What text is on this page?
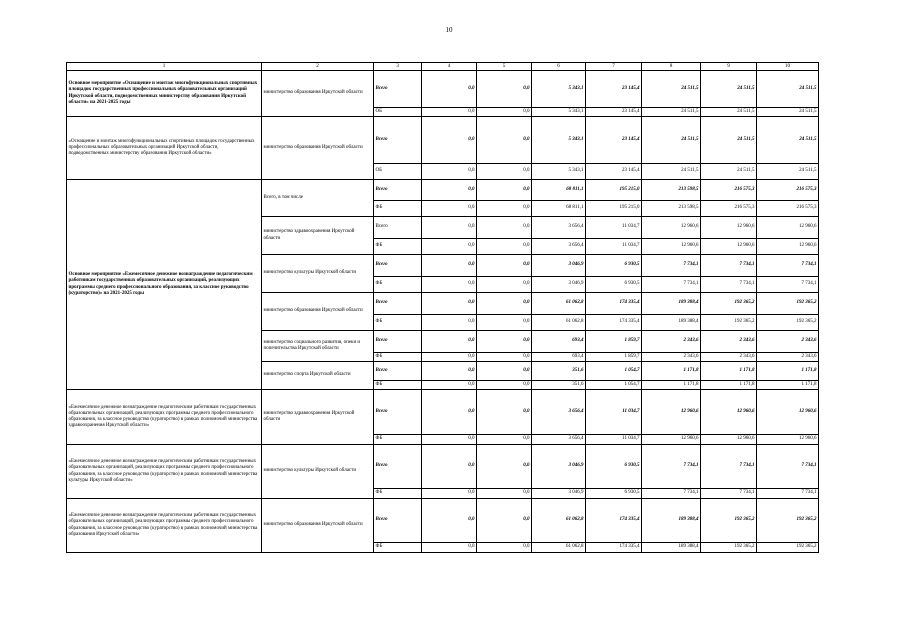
10
1	2	3	4	5	6	7	8	9	10
Основное мероприятие «Оснащение и монтаж многофункциональных спортивных площадок государственных профессиональных образовательных организаций Иркутской области, подведомственных министерству образования Иркутской области» на 2021-2025 годы	министерство образования Иркутской области	Всего	0,0	0,0	5 343,1	23 145,4	24 511,5	24 511,5	24 511,5
		ОБ	0,0	0,0	5 343,1	23 145,4	24 511,5	24 511,5	24 511,5
«Оснащение и монтаж многофункциональных спортивных площадок государственных профессиональных образовательных организаций Иркутской области, подведомственных министерству образования Иркутской области»	министерство образования Иркутской области	Всего	0,0	0,0	5 343,1	23 145,4	24 511,5	24 511,5	24 511,5
		ОБ	0,0	0,0	5 343,1	23 145,4	24 511,5	24 511,5	24 511,5
Основное мероприятие «Ежемесячное денежное вознаграждение педагогическим работникам государственных образовательных организаций, реализующих программы среднего профессионального образования, за классное руководство (кураторство)» на 2021-2025 годы	Всего, в том числе	Всего	0,0	0,0	68 811,1	195 215,0	213 598,5	216 575,3	216 575,3
		ФБ	0,0	0,0	68 811,1	195 215,0	213 598,5	216 575,3	216 575,3
	министерство здравоохранения Иркутской области	Всего	0,0	0,0	3 656,4	11 034,7	12 960,6	12 960,6	12 960,6
		ФБ	0,0	0,0	3 656,4	11 034,7	12 960,6	12 960,6	12 960,6
	министерство культуры Иркутской области	Всего	0,0	0,0	3 046,9	6 930,5	7 734,1	7 734,1	7 734,1
		ФБ	0,0	0,0	3 046,9	6 930,5	7 734,1	7 734,1	7 734,1
	министерство образования Иркутской области	Всего	0,0	0,0	61 062,8	174 335,4	189 388,4	192 365,2	192 365,2
		ФБ	0,0	0,0	61 062,8	174 335,4	189 388,4	192 365,2	192 365,2
	министерство социального развития, опеки и попечительства Иркутской области	Всего	0,0	0,0	693,4	1 859,7	2 343,6	2 343,6	2 343,6
		ФБ	0,0	0,0	693,4	1 859,7	2 343,6	2 343,6	2 343,6
	министерство спорта Иркутской области	Всего	0,0	0,0	351,6	1 054,7	1 171,8	1 171,8	1 171,8
		ФБ	0,0	0,0	351,6	1 054,7	1 171,8	1 171,8	1 171,8
«Ежемесячное денежное вознаграждение педагогическим работникам государственных образовательных организаций, реализующих программы среднего профессионального образования, за классное руководство (кураторство) в рамках полномочий министерства здравоохранения Иркутской области»	министерство здравоохранения Иркутской области	Всего	0,0	0,0	3 656,4	11 034,7	12 960,6	12 960,6	12 960,6
		ФБ	0,0	0,0	3 656,4	11 034,7	12 960,6	12 960,6	12 960,6
«Ежемесячное денежное вознаграждение педагогическим работникам государственных образовательных организаций, реализующих программы среднего профессионального образования, за классное руководство (кураторство) в рамках полномочий министерства культуры Иркутской области»	министерство культуры Иркутской области	Всего	0,0	0,0	3 046,9	6 930,5	7 734,1	7 734,1	7 734,1
		ФБ	0,0	0,0	3 046,9	6 930,5	7 734,1	7 734,1	7 734,1
«Ежемесячное денежное вознаграждение педагогическим работникам государственных образовательных организаций, реализующих программы среднего профессионального образования, за классное руководство (кураторство) в рамках полномочий министерства образования Иркутской области»	министерство образования Иркутской области	Всего	0,0	0,0	61 062,8	174 335,4	189 388,4	192 365,2	192 365,2
		ФБ	0,0	0,0	61 062,8	174 335,4	189 388,4	192 365,2	192 365,2
